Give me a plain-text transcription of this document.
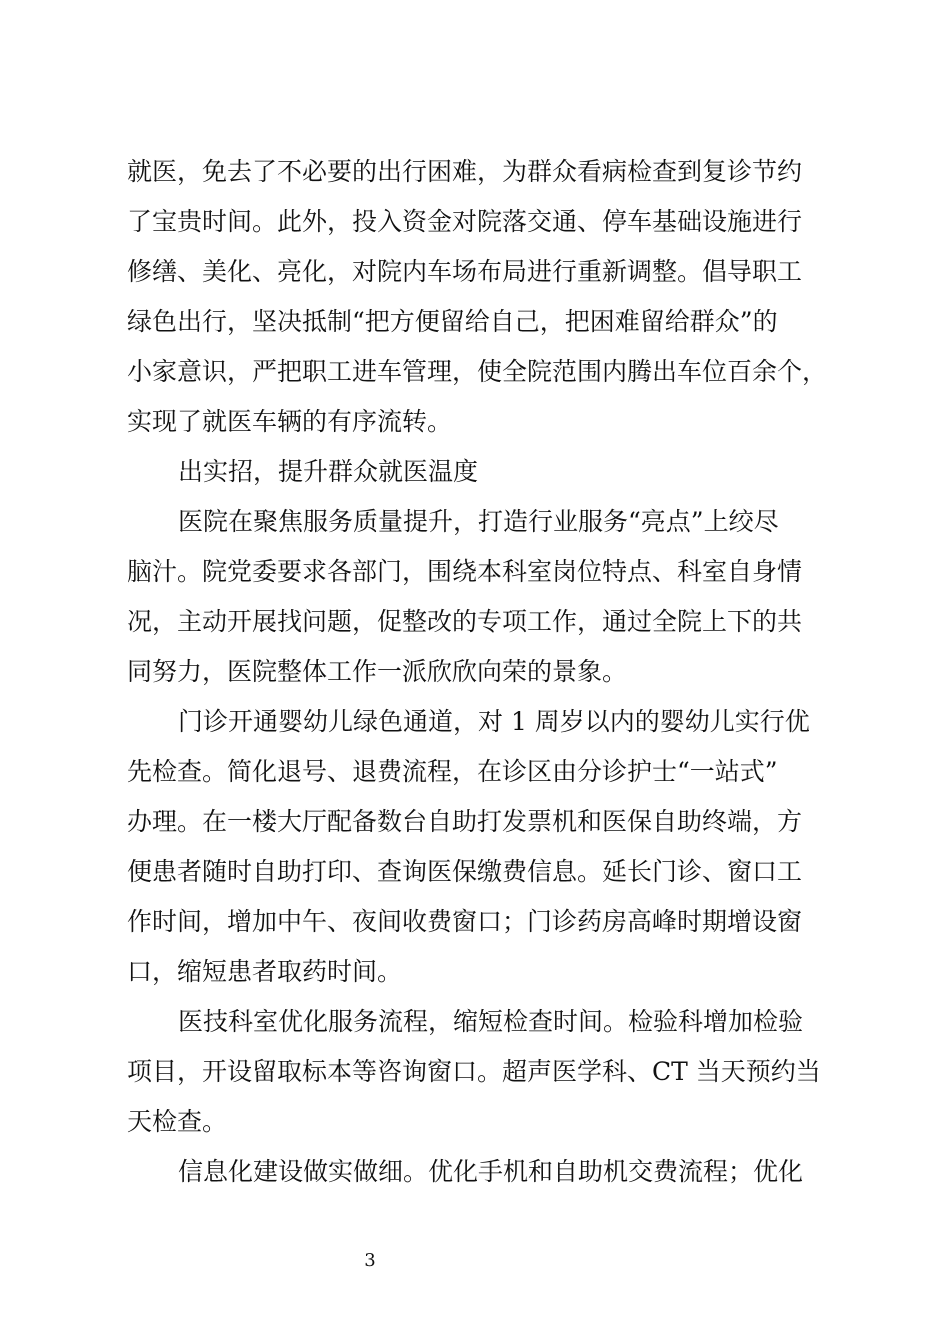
就医，免去了不必要的出行困难，为群众看病检查到复诊节约
了宝贵时间。此外，投入资金对院落交通、停车基础设施进行
修缮、美化、亮化，对院内车场布局进行重新调整。倡导职工
绿色出行，坚决抵制“把方便留给自己，把困难留给群众”的
小家意识，严把职工进车管理，使全院范围内腾出车位百余个，
实现了就医车辆的有序流转。
出实招，提升群众就医温度
医院在聚焦服务质量提升，打造行业服务“亮点”上绞尽
脑汁。院党委要求各部门，围绕本科室岗位特点、科室自身情
况，主动开展找问题，促整改的专项工作，通过全院上下的共
同努力，医院整体工作一派欣欣向荣的景象。
门诊开通婴幼儿绿色通道，对 1 周岁以内的婴幼儿实行优
先检查。简化退号、退费流程，在诊区由分诊护士“一站式”
办理。在一楼大厅配备数台自助打发票机和医保自助终端，方
便患者随时自助打印、查询医保缴费信息。延长门诊、窗口工
作时间，增加中午、夜间收费窗口；门诊药房高峰时期增设窗
口，缩短患者取药时间。
医技科室优化服务流程，缩短检查时间。检验科增加检验
项目，开设留取标本等咨询窗口。超声医学科、CT 当天预约当
天检查。
信息化建设做实做细。优化手机和自助机交费流程；优化
3
